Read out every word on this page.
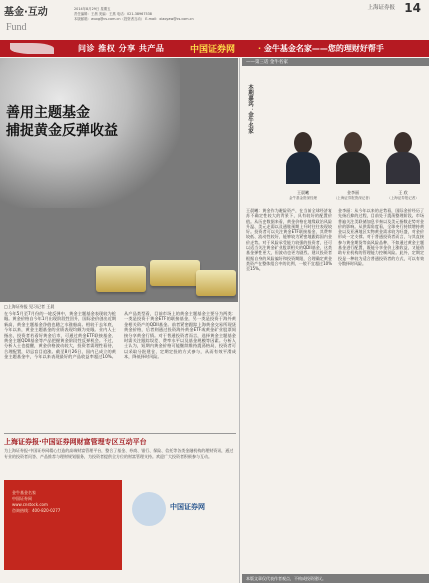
基金·互动
Fund
2014年8月29日 星期五
责任编辑：王晨 美编：王燕 电话：021-38967538
本版邮箱：wuxg@cs.com.cn（投资者互动） E-mail：xiaoyaw@cs.com.cn
上海证券报 14
问诊 推权 分享 共产品	中国证券网	· 金牛基金名家——您的理财好帮手
善用主题基金
捕捉黄金反弹收益
□上海证券报 见习记者 王晨
在今年5月至7月份的一轮反弹中，黄金主题基金表现较为抢眼。黄金价格自今年1月出现阶段性回升，国际金价创出近期新高，黄金主题基金净值也随之水涨船高。相较于去年底，今年以来，黄金主题基金的业绩表现均颇为亮眼。业内人士指出，投资者若看好黄金后市，可通过黄金ETF联接基金、黄金主题QDII基金等产品把握黄金阶段性反弹机会。不过，分析人士也提醒，黄金价格波动较大，投资者需理性看待，合理配置，切忌盲目追涨。截至8月26日，国内已成立的黄金主题基金中，今年以来表现最好的产品收益率超过10%。从产品类型看，目前市场上的黄金主题基金主要分为两类：一类是投资于黄金ETF的联接基金，另一类是投资于海外黄金相关资产的QDII基金。前者紧密跟踪上海黄金交易所现货黄金价格，后者则通过投资海外黄金ETF或黄金矿业股票间接分享黄金行情。对于普通投资者而言，选择黄金主题基金时需关注跟踪误差、费率水平以及基金规模等因素。分析人士认为，短期内黄金价格可能继续维持震荡格局，投资者可以采取分批建仓、定期定投的方式参与，从而有效平滑成本，降低择时风险。
上海证券报·中国证券网财富管理专区互动平台
为上海证券报·中国证券网精心打造的高端财富管理平台，整合了基金、券商、银行、保险、信托等各类金融机构的理财资讯，通过专业的投资者问答、产品推荐与理财规划服务，为投资者提供全方位的财富管理支持。欢迎广大投资者积极参与互动。
金牛基金名家
中国证券网
www.cnstock.com
咨询热线：400-820-0277	中国证券网
——第三话 金牛名家
本期嘉宾：金牛名家
王晨曦
金牛基金资深经理
金李丽
（上海证券报资深记者）
王 欣
（上海证券报记者）
王晨曦：黄金作为避险资产，在当前全球经济复苏不确定性较大的背景下，具有较好的配置价值。从历史数据来看，黄金价格在地缘政治风险升温、美元走弱以及通胀预期上升时往往表现较好。投资者可以关注黄金ETF联接基金，其费率较低、流动性较好，能够较为紧密地跟踪国内金价走势。对于风险承受能力较强的投资者，还可以适当关注黄金矿业股票相关的QDII基金，这类基金弹性更大，但波动也更为剧烈。建议投资者根据自身的风险偏好和投资期限，合理确定黄金类资产在整体组合中的比例，一般不宜超过10%至15%。
金李丽：从今年以来的走势看，国际金价经历了先扬后抑的过程，目前处于震荡整理阶段。市场普遍关注美联储加息节奏以及美元指数走势对金价的影响。从供需角度看，全球央行持续增持黄金以及亚洲地区实物黄金需求较为旺盛，对金价形成一定支撑。对于普通投资者而言，与其直接参与黄金期货等高风险品种，不如通过黄金主题基金进行配置，既能分享金价上涨收益，又能借助专业机构的管理能力控制风险。此外，定期定投是一种较为适合普通投资者的方式，可以有效分散择时风险。
本版文章仅代表作者观点，不构成投资建议。
